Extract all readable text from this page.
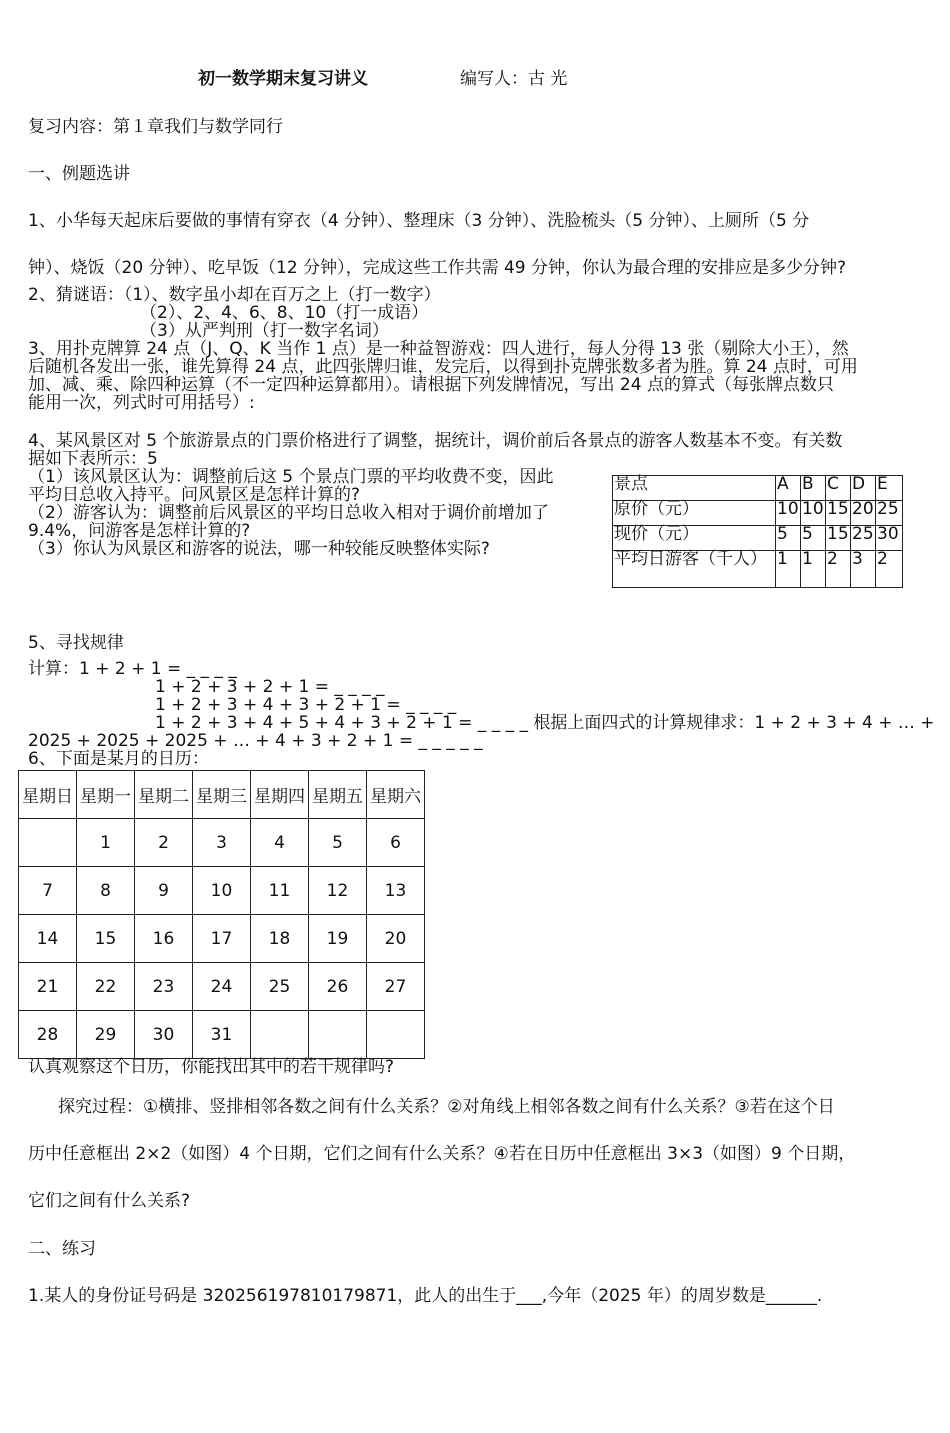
初一数学期末复习讲义	编写人：古 光
复习内容：第１章我们与数学同行
一、例题选讲
1、小华每天起床后要做的事情有穿衣（4 分钟）、整理床（3 分钟）、洗脸梳头（5 分钟）、上厕所（5 分
钟）、烧饭（20 分钟）、吃早饭（12 分钟），完成这些工作共需 49 分钟，你认为最合理的安排应是多少分钟?
2、猜谜语：（1）、数字虽小却在百万之上（打一数字）
（2）、2、4、6、8、10（打一成语）
（3）从严判刑（打一数字名词）
3、用扑克牌算 24 点（J、Q、K 当作 1 点）是一种益智游戏：四人进行，每人分得 13 张（剔除大小王），然
后随机各发出一张，谁先算得 24 点，此四张牌归谁，发完后，以得到扑克牌张数多者为胜。算 24 点时，可用
加、减、乘、除四种运算（不一定四种运算都用）。请根据下列发牌情况，写出 24 点的算式（每张牌点数只
能用一次，列式时可用括号）:
4、某风景区对 5 个旅游景点的门票价格进行了调整，据统计，调价前后各景点的游客人数基本不变。有关数
据如下表所示：5
（1）该风景区认为：调整前后这 5 个景点门票的平均收费不变，因此
平均日总收入持平。问风景区是怎样计算的?
（2）游客认为：调整前后风景区的平均日总收入相对于调价前增加了
9.4%，问游客是怎样计算的?
（3）你认为风景区和游客的说法，哪一种较能反映整体实际?
景点	A	B	C	D	E
原价（元）	10	10	15	20	25
现价（元）	5	5	15	25	30
平均日游客（千人）	1	1	2	3	2
5、寻找规律
计算：1 + 2 + 1 = _ _ _ _
1 + 2 + 3 + 2 + 1 = _ _ _ _
1 + 2 + 3 + 4 + 3 + 2 + 1 = _ _ _ _
1 + 2 + 3 + 4 + 5 + 4 + 3 + 2 + 1 = _ _ _ _ 根据上面四式的计算规律求：1 + 2 + 3 + 4 + … +
2025 + 2025 + 2025 + … + 4 + 3 + 2 + 1 = _ _ _ _ _
6、下面是某月的日历：
星期日	星期一	星期二	星期三	星期四	星期五	星期六
	1	2	3	4	5	6
7	8	9	10	11	12	13
14	15	16	17	18	19	20
21	22	23	24	25	26	27
28	29	30	31			
认真观察这个日历，你能找出其中的若干规律吗?
探究过程：①横排、竖排相邻各数之间有什么关系？②对角线上相邻各数之间有什么关系？③若在这个日
历中任意框出 2×2（如图）4 个日期，它们之间有什么关系？④若在日历中任意框出 3×3（如图）9 个日期，
它们之间有什么关系?
二、练习
1.某人的身份证号码是 320256197810179871，此人的出生于___,今年（2025 年）的周岁数是______.
